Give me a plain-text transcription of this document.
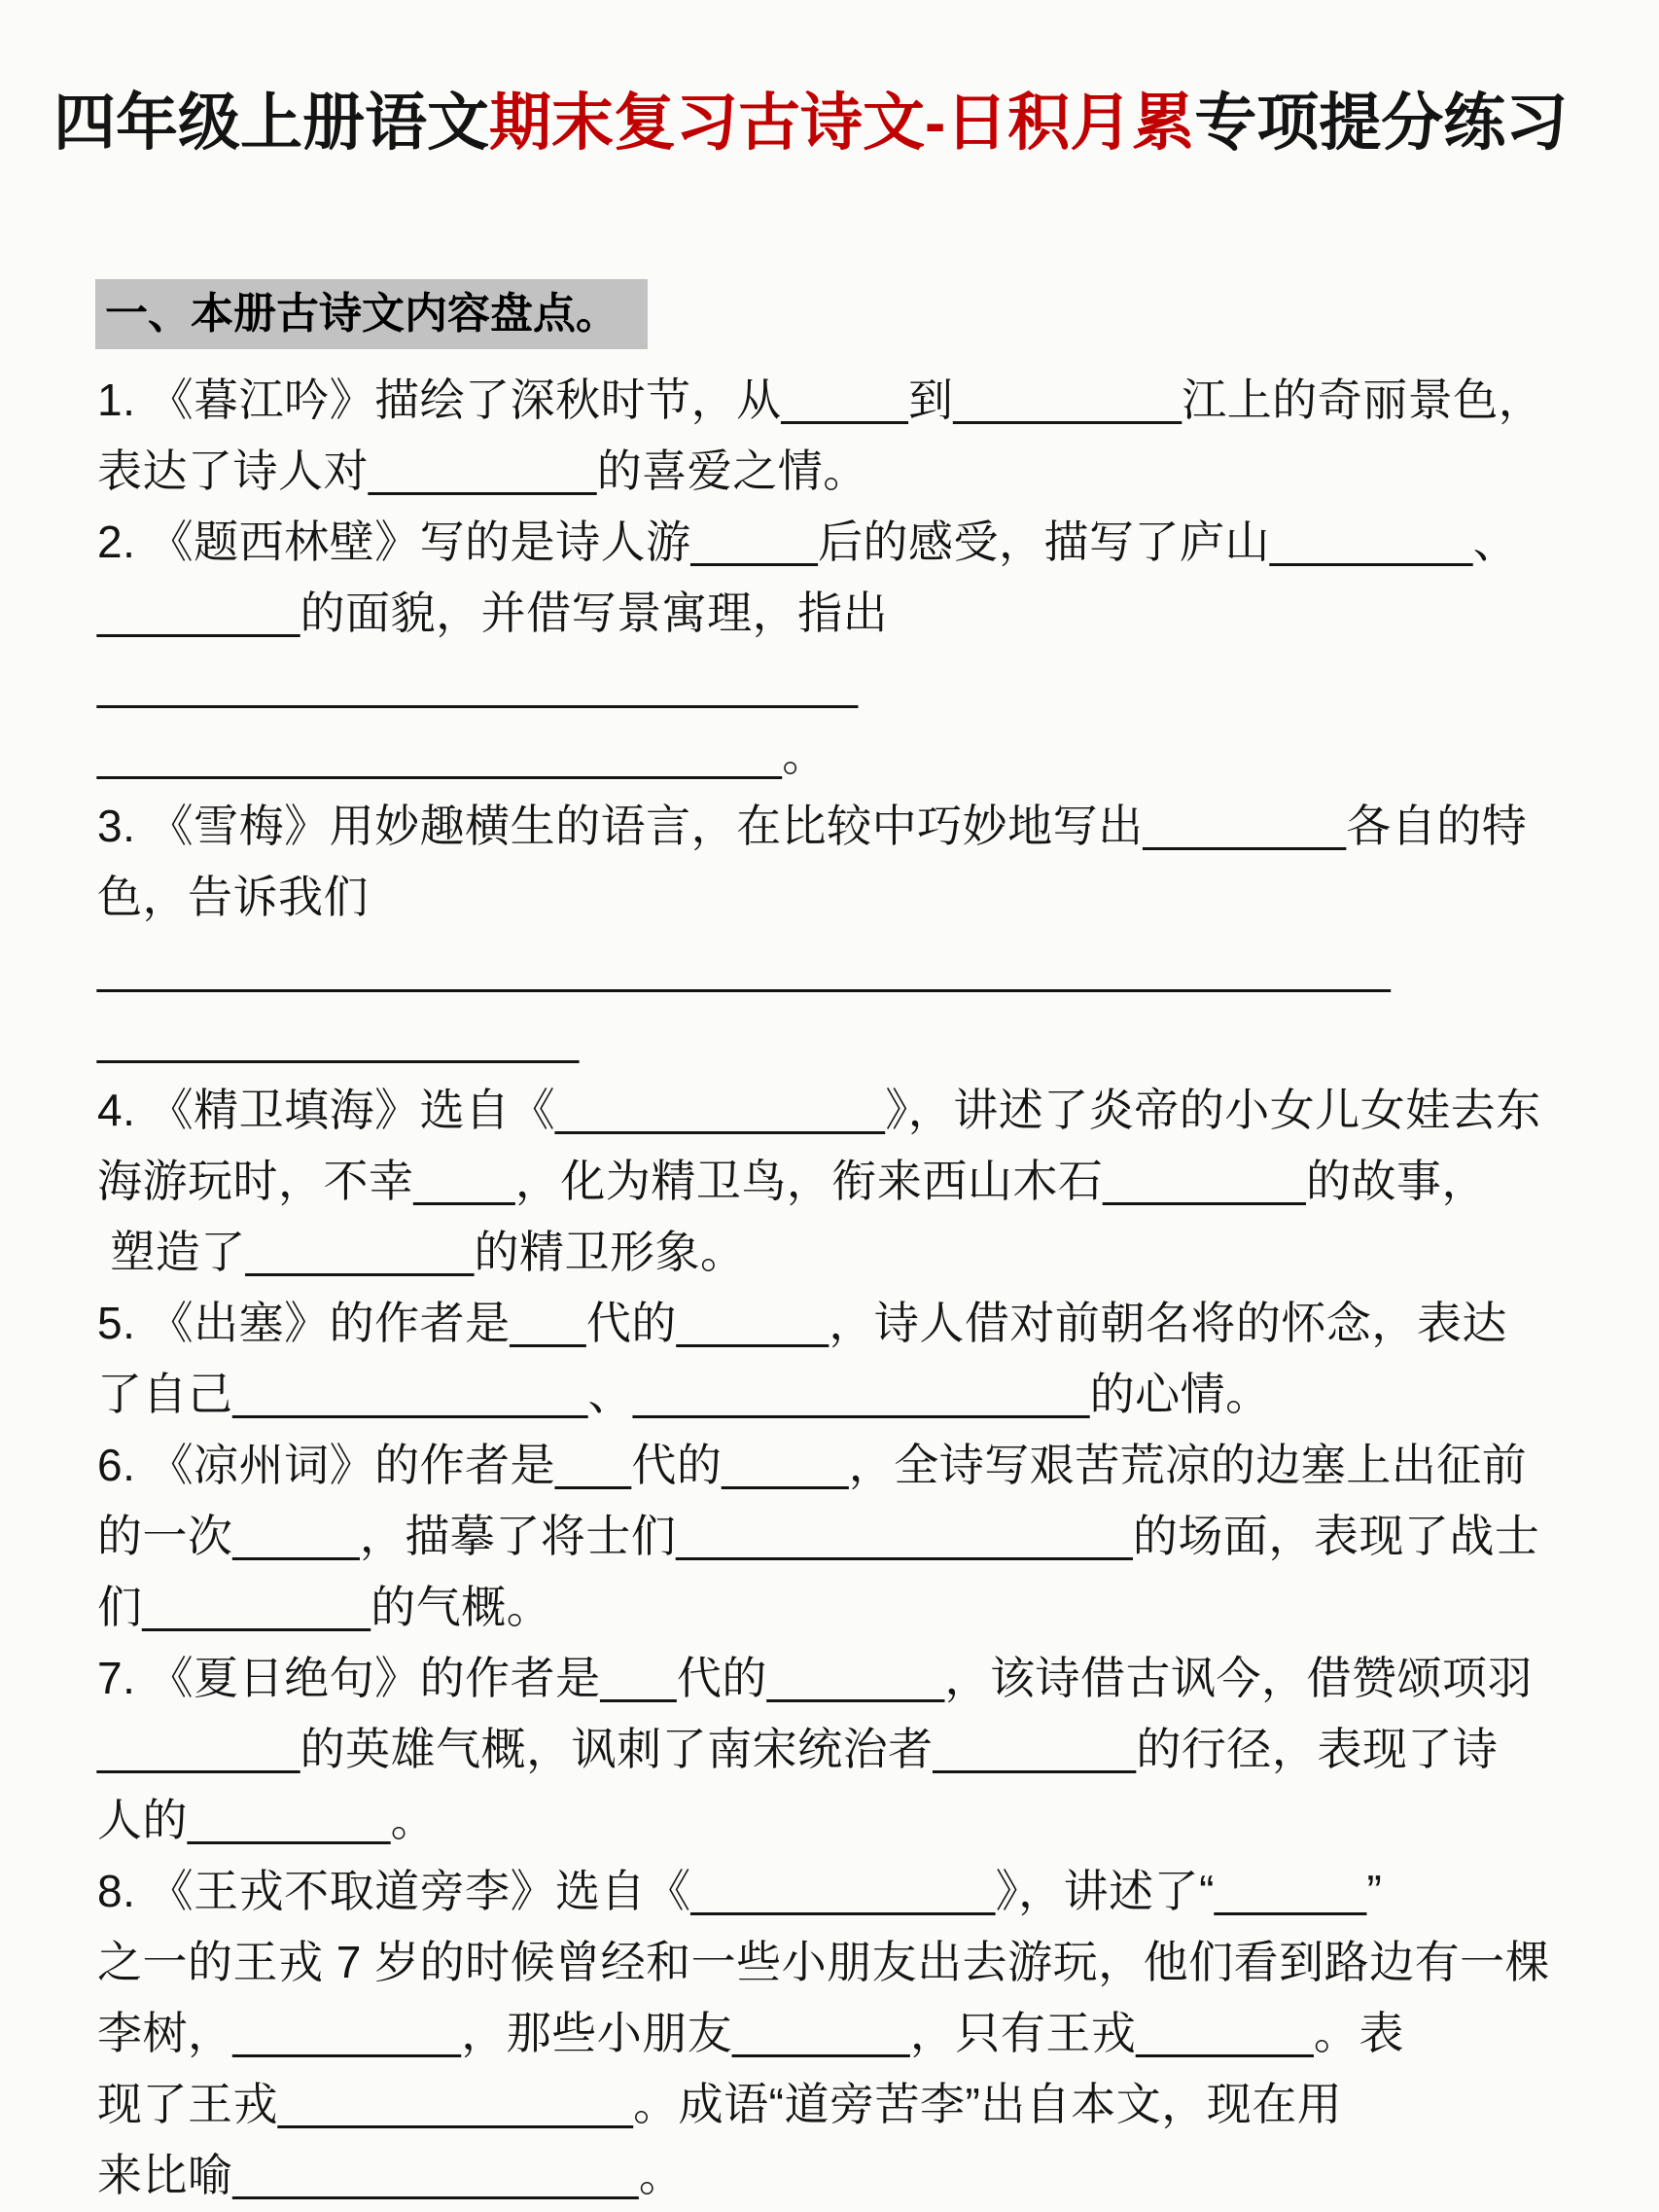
四年级上册语文期末复习古诗文-日积月累专项提分练习
一、本册古诗文内容盘点。
1. 《暮江吟》描绘了深秋时节，从_____到_________江上的奇丽景色，
表达了诗人对_________的喜爱之情。
2. 《题西林壁》写的是诗人游_____后的感受，描写了庐山________、
________的面貌，并借写景寓理，指出______________________________
___________________________。
3. 《雪梅》用妙趣横生的语言，在比较中巧妙地写出________各自的特
色，告诉我们___________________________________________________
___________________
4. 《精卫填海》选自《_____________》，讲述了炎帝的小女儿女娃去东
海游玩时，不幸____，化为精卫鸟，衔来西山木石________的故事，
塑造了_________的精卫形象。
5. 《出塞》的作者是___代的______，诗人借对前朝名将的怀念，表达
了自己______________、__________________的心情。
6. 《凉州词》的作者是___代的_____，全诗写艰苦荒凉的边塞上出征前
的一次_____，描摹了将士们__________________的场面，表现了战士
们_________的气概。
7. 《夏日绝句》的作者是___代的_______，该诗借古讽今，借赞颂项羽
________的英雄气概，讽刺了南宋统治者________的行径，表现了诗
人的________。
8. 《王戎不取道旁李》选自《____________》，讲述了“______”
之一的王戎 7 岁的时候曾经和一些小朋友出去游玩，他们看到路边有一棵
李树，_________，那些小朋友_______，只有王戎_______。表
现了王戎______________。成语“道旁苦李”出自本文，现在用
来比喻________________。
